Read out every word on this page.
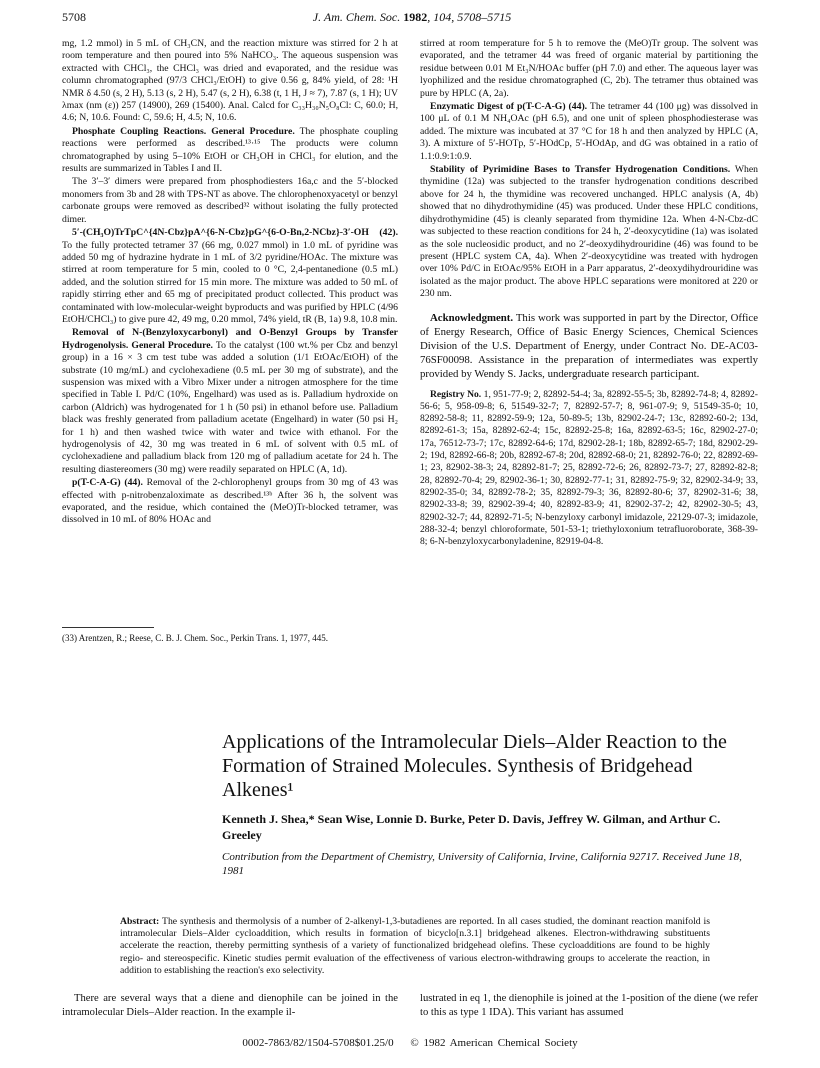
5708	J. Am. Chem. Soc. 1982, 104, 5708–5715

mg, 1.2 mmol) in 5 mL of CH₃CN, and the reaction mixture was stirred for 2 h at room temperature and then poured into 5% NaHCO₃. The aqueous suspension was extracted with CHCl₃, the CHCl₃ was dried and evaporated, and the residue was column chromatographed (97/3 CHCl₃/EtOH) to give 0.56 g, 84% yield, of 28: ¹H NMR δ 4.50 (s, 2 H), 5.13 (s, 2 H), 5.47 (s, 2 H), 6.38 (t, 1 H, J ≈ 7), 7.87 (s, 1 H); UV λmax (nm (ε)) 257 (14900), 269 (15400). Anal. Calcd for C₃₃H₃₀N₅O₈Cl: C, 60.0; H, 4.6; N, 10.6. Found: C, 59.6; H, 4.5; N, 10.6.

Phosphate Coupling Reactions. General Procedure. The phosphate coupling reactions were performed as described.¹³·¹⁵ The products were column chromatographed by using 5–10% EtOH or CH₃OH in CHCl₃ for elution, and the results are summarized in Tables I and II.

The 3′–3′ dimers were prepared from phosphodiesters 16a,c and the 5′-blocked monomers from 3b and 28 with TPS-NT as above. The chlorophenoxyacetyl or benzyl carbonate groups were removed as described³² without isolating the fully protected dimer.

5′-(CH₃O)TrTpC^{4N-Cbz}pA^{6-N-Cbz}pG^{6-O-Bn,2-NCbz}-3′-OH (42). To the fully protected tetramer 37 (66 mg, 0.027 mmol) in 1.0 mL of pyridine was added 50 mg of hydrazine hydrate in 1 mL of 3/2 pyridine/HOAc. The mixture was stirred at room temperature for 5 min, cooled to 0 °C, 2,4-pentanedione (0.5 mL) added, and the solution stirred for 15 min more. The mixture was added to 50 mL of rapidly stirring ether and 65 mg of precipitated product collected. This product was contaminated with low-molecular-weight byproducts and was purified by HPLC (4/96 EtOH/CHCl₃) to give pure 42, 49 mg, 0.20 mmol, 74% yield, tR (B, 1a) 9.8, 10.8 min.

Removal of N-(Benzyloxycarbonyl) and O-Benzyl Groups by Transfer Hydrogenolysis. General Procedure. To the catalyst (100 wt.% per Cbz and benzyl group) in a 16 × 3 cm test tube was added a solution (1/1 EtOAc/EtOH) of the substrate (10 mg/mL) and cyclohexadiene (0.5 mL per 30 mg of substrate), and the suspension was mixed with a Vibro Mixer under a nitrogen atmosphere for the time specified in Table I. Pd/C (10%, Engelhard) was used as is. Palladium hydroxide on carbon (Aldrich) was hydrogenated for 1 h (50 psi) in ethanol before use. Palladium black was freshly generated from palladium acetate (Engelhard) in water (50 psi H₂ for 1 h) and then washed twice with water and twice with ethanol. For the hydrogenolysis of 42, 30 mg was treated in 6 mL of solvent with 0.5 mL of cyclohexadiene and palladium black from 120 mg of palladium acetate for 24 h. The resulting diastereomers (30 mg) were readily separated on HPLC (A, 1d).

p(T-C-A-G) (44). Removal of the 2-chlorophenyl groups from 30 mg of 43 was effected with p-nitrobenzaloximate as described.¹³ᵇ After 36 h, the solvent was evaporated, and the residue, which contained the (MeO)Tr-blocked tetramer, was dissolved in 10 mL of 80% HOAc and

(33) Arentzen, R.; Reese, C. B. J. Chem. Soc., Perkin Trans. 1, 1977, 445.

stirred at room temperature for 5 h to remove the (MeO)Tr group. The solvent was evaporated, and the tetramer 44 was freed of organic material by partitioning the residue between 0.01 M Et₃N/HOAc buffer (pH 7.0) and ether. The aqueous layer was lyophilized and the residue chromatographed (C, 2b). The tetramer thus obtained was pure by HPLC (A, 2a).

Enzymatic Digest of p(T-C-A-G) (44). The tetramer 44 (100 μg) was dissolved in 100 μL of 0.1 M NH₄OAc (pH 6.5), and one unit of spleen phosphodiesterase was added. The mixture was incubated at 37 °C for 18 h and then analyzed by HPLC (A, 3). A mixture of 5′-HOTp, 5′-HOdCp, 5′-HOdAp, and dG was obtained in a ratio of 1.1:0.9:1:0.9.

Stability of Pyrimidine Bases to Transfer Hydrogenation Conditions. When thymidine (12a) was subjected to the transfer hydrogenation conditions described above for 24 h, the thymidine was recovered unchanged. HPLC analysis (A, 4b) showed that no dihydrothymidine (45) was produced. Under these HPLC conditions, dihydrothymidine (45) is cleanly separated from thymidine 12a. When 4-N-Cbz-dC was subjected to these reaction conditions for 24 h, 2′-deoxycytidine (1a) was isolated as the sole nucleosidic product, and no 2′-deoxydihydrouridine (46) was found to be present (HPLC system CA, 4a). When 2′-deoxycytidine was treated with hydrogen over 10% Pd/C in EtOAc/95% EtOH in a Parr apparatus, 2′-deoxydihydrouridine was isolated as the major product. The above HPLC separations were monitored at 220 or 230 nm.

Acknowledgment. This work was supported in part by the Director, Office of Energy Research, Office of Basic Energy Sciences, Chemical Sciences Division of the U.S. Department of Energy, under Contract No. DE-AC03-76SF00098. Assistance in the preparation of intermediates was expertly provided by Wendy S. Jacks, undergraduate research participant.

Registry No. 1, 951-77-9; 2, 82892-54-4; 3a, 82892-55-5; 3b, 82892-74-8; 4, 82892-56-6; 5, 958-09-8; 6, 51549-32-7; 7, 82892-57-7; 8, 961-07-9; 9, 51549-35-0; 10, 82892-58-8; 11, 82892-59-9; 12a, 50-89-5; 13b, 82902-24-7; 13c, 82892-60-2; 13d, 82892-61-3; 15a, 82892-62-4; 15c, 82892-25-8; 16a, 82892-63-5; 16c, 82902-27-0; 17a, 76512-73-7; 17c, 82892-64-6; 17d, 82902-28-1; 18b, 82892-65-7; 18d, 82902-29-2; 19d, 82892-66-8; 20b, 82892-67-8; 20d, 82892-68-0; 21, 82892-76-0; 22, 82892-69-1; 23, 82902-38-3; 24, 82892-81-7; 25, 82892-72-6; 26, 82892-73-7; 27, 82892-82-8; 28, 82892-70-4; 29, 82902-36-1; 30, 82892-77-1; 31, 82892-75-9; 32, 82902-34-9; 33, 82902-35-0; 34, 82892-78-2; 35, 82892-79-3; 36, 82892-80-6; 37, 82902-31-6; 38, 82902-33-8; 39, 82902-39-4; 40, 82892-83-9; 41, 82902-37-2; 42, 82902-30-5; 43, 82902-32-7; 44, 82892-71-5; N-benzyloxy carbonyl imidazole, 22129-07-3; imidazole, 288-32-4; benzyl chloroformate, 501-53-1; triethyloxonium tetrafluoroborate, 368-39-8; 6-N-benzyloxycarbonyladenine, 82919-04-8.

Applications of the Intramolecular Diels–Alder Reaction to the Formation of Strained Molecules. Synthesis of Bridgehead Alkenes¹
Kenneth J. Shea,* Sean Wise, Lonnie D. Burke, Peter D. Davis, Jeffrey W. Gilman, and Arthur C. Greeley
Contribution from the Department of Chemistry, University of California, Irvine, California 92717. Received June 18, 1981
Abstract: The synthesis and thermolysis of a number of 2-alkenyl-1,3-butadienes are reported. In all cases studied, the dominant reaction manifold is intramolecular Diels–Alder cycloaddition, which results in formation of bicyclo[n.3.1] bridgehead alkenes. Electron-withdrawing substituents accelerate the reaction, thereby permitting synthesis of a variety of functionalized bridgehead olefins. These cycloadditions are found to be highly regio- and stereospecific. Kinetic studies permit evaluation of the effectiveness of various electron-withdrawing groups to accelerate the reaction, in addition to establishing the reaction's exo selectivity.
There are several ways that a diene and dienophile can be joined in the intramolecular Diels–Alder reaction. In the example il-
lustrated in eq 1, the dienophile is joined at the 1-position of the diene (we refer to this as type 1 IDA). This variant has assumed
0002-7863/82/1504-5708$01.25/0 © 1982 American Chemical Society
